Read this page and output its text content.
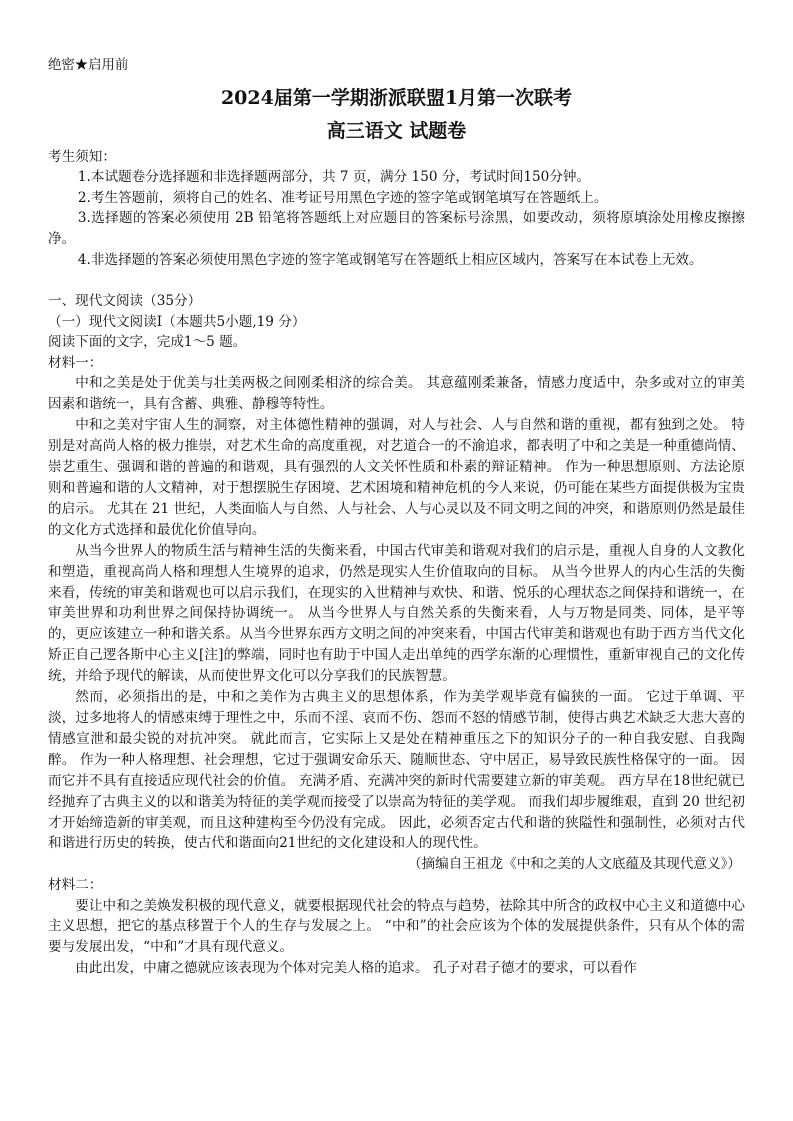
绝密★启用前

2024届第一学期浙派联盟1月第一次联考

高三语文 试题卷

考生须知：

1.本试题卷分选择题和非选择题两部分，共 7 页，满分 150 分，考试时间150分钟。

2.考生答题前，须将自己的姓名、准考证号用黑色字迹的签字笔或钢笔填写在答题纸上。

3.选择题的答案必须使用 2B 铅笔将答题纸上对应题目的答案标号涂黑，如要改动，须将原填涂处用橡皮擦擦净。

4.非选择题的答案必须使用黑色字迹的签字笔或钢笔写在答题纸上相应区域内，答案写在本试卷上无效。

一、现代文阅读（35分）

（一）现代文阅读Ⅰ（本题共5小题,19 分）

阅读下面的文字，完成1～5 题。

材料一：

中和之美是处于优美与壮美两极之间刚柔相济的综合美。 其意蕴刚柔兼备，情感力度适中，杂多或对立的审美因素和谐统一，具有含蓄、典雅、静穆等特性。

中和之美对宇宙人生的洞察，对主体德性精神的强调，对人与社会、人与自然和谐的重视，都有独到之处。 特别是对高尚人格的极力推崇，对艺术生命的高度重视，对艺道合一的不渝追求，都表明了中和之美是一种重德尚情、崇艺重生、强调和谐的普遍的和谐观，具有强烈的人文关怀性质和朴素的辩证精神。 作为一种思想原则、方法论原则和普遍和谐的人文精神，对于想摆脱生存困境、艺术困境和精神危机的今人来说，仍可能在某些方面提供极为宝贵的启示。 尤其在 21 世纪，人类面临人与自然、人与社会、人与心灵以及不同文明之间的冲突，和谐原则仍然是最佳的文化方式选择和最优化价值导向。

从当今世界人的物质生活与精神生活的失衡来看，中国古代审美和谐观对我们的启示是，重视人自身的人文教化和塑造，重视高尚人格和理想人生境界的追求，仍然是现实人生价值取向的目标。 从当今世界人的内心生活的失衡来看，传统的审美和谐观也可以启示我们，在现实的入世精神与欢快、和谐、悦乐的心理状态之间保持和谐统一，在审美世界和功利世界之间保持协调统一。 从当今世界人与自然关系的失衡来看，人与万物是同类、同体，是平等的，更应该建立一种和谐关系。从当今世界东西方文明之间的冲突来看，中国古代审美和谐观也有助于西方当代文化矫正自己逻各斯中心主义[注]的弊端，同时也有助于中国人走出单纯的西学东渐的心理惯性，重新审视自己的文化传统，并给予现代的解读，从而使世界文化可以分享我们的民族智慧。

然而，必须指出的是，中和之美作为古典主义的思想体系，作为美学观毕竟有偏狭的一面。 它过于单调、平淡，过多地将人的情感束缚于理性之中，乐而不淫、哀而不伤、怨而不怒的情感节制，使得古典艺术缺乏大悲大喜的情感宣泄和最尖锐的对抗冲突。 就此而言，它实际上又是处在精神重压之下的知识分子的一种自我安慰、自我陶醉。 作为一种人格理想、社会理想，它过于强调安命乐天、随顺世态、守中居正，易导致民族性格保守的一面。 因而它并不具有直接适应现代社会的价值。 充满矛盾、充满冲突的新时代需要建立新的审美观。 西方早在18世纪就已经抛弃了古典主义的以和谐美为特征的美学观而接受了以崇高为特征的美学观。 而我们却步履维艰，直到 20 世纪初才开始缔造新的审美观，而且这种建构至今仍没有完成。 因此，必须否定古代和谐的狭隘性和强制性，必须对古代和谐进行历史的转换，使古代和谐面向21世纪的文化建设和人的现代性。

（摘编自王祖龙《中和之美的人文底蕴及其现代意义》）

材料二：

要让中和之美焕发积极的现代意义，就要根据现代社会的特点与趋势，祛除其中所含的政权中心主义和道德中心主义思想，把它的基点移置于个人的生存与发展之上。 “中和”的社会应该为个体的发展提供条件，只有从个体的需要与发展出发，“中和”才具有现代意义。

由此出发，中庸之德就应该表现为个体对完美人格的追求。 孔子对君子德才的要求，可以看作
